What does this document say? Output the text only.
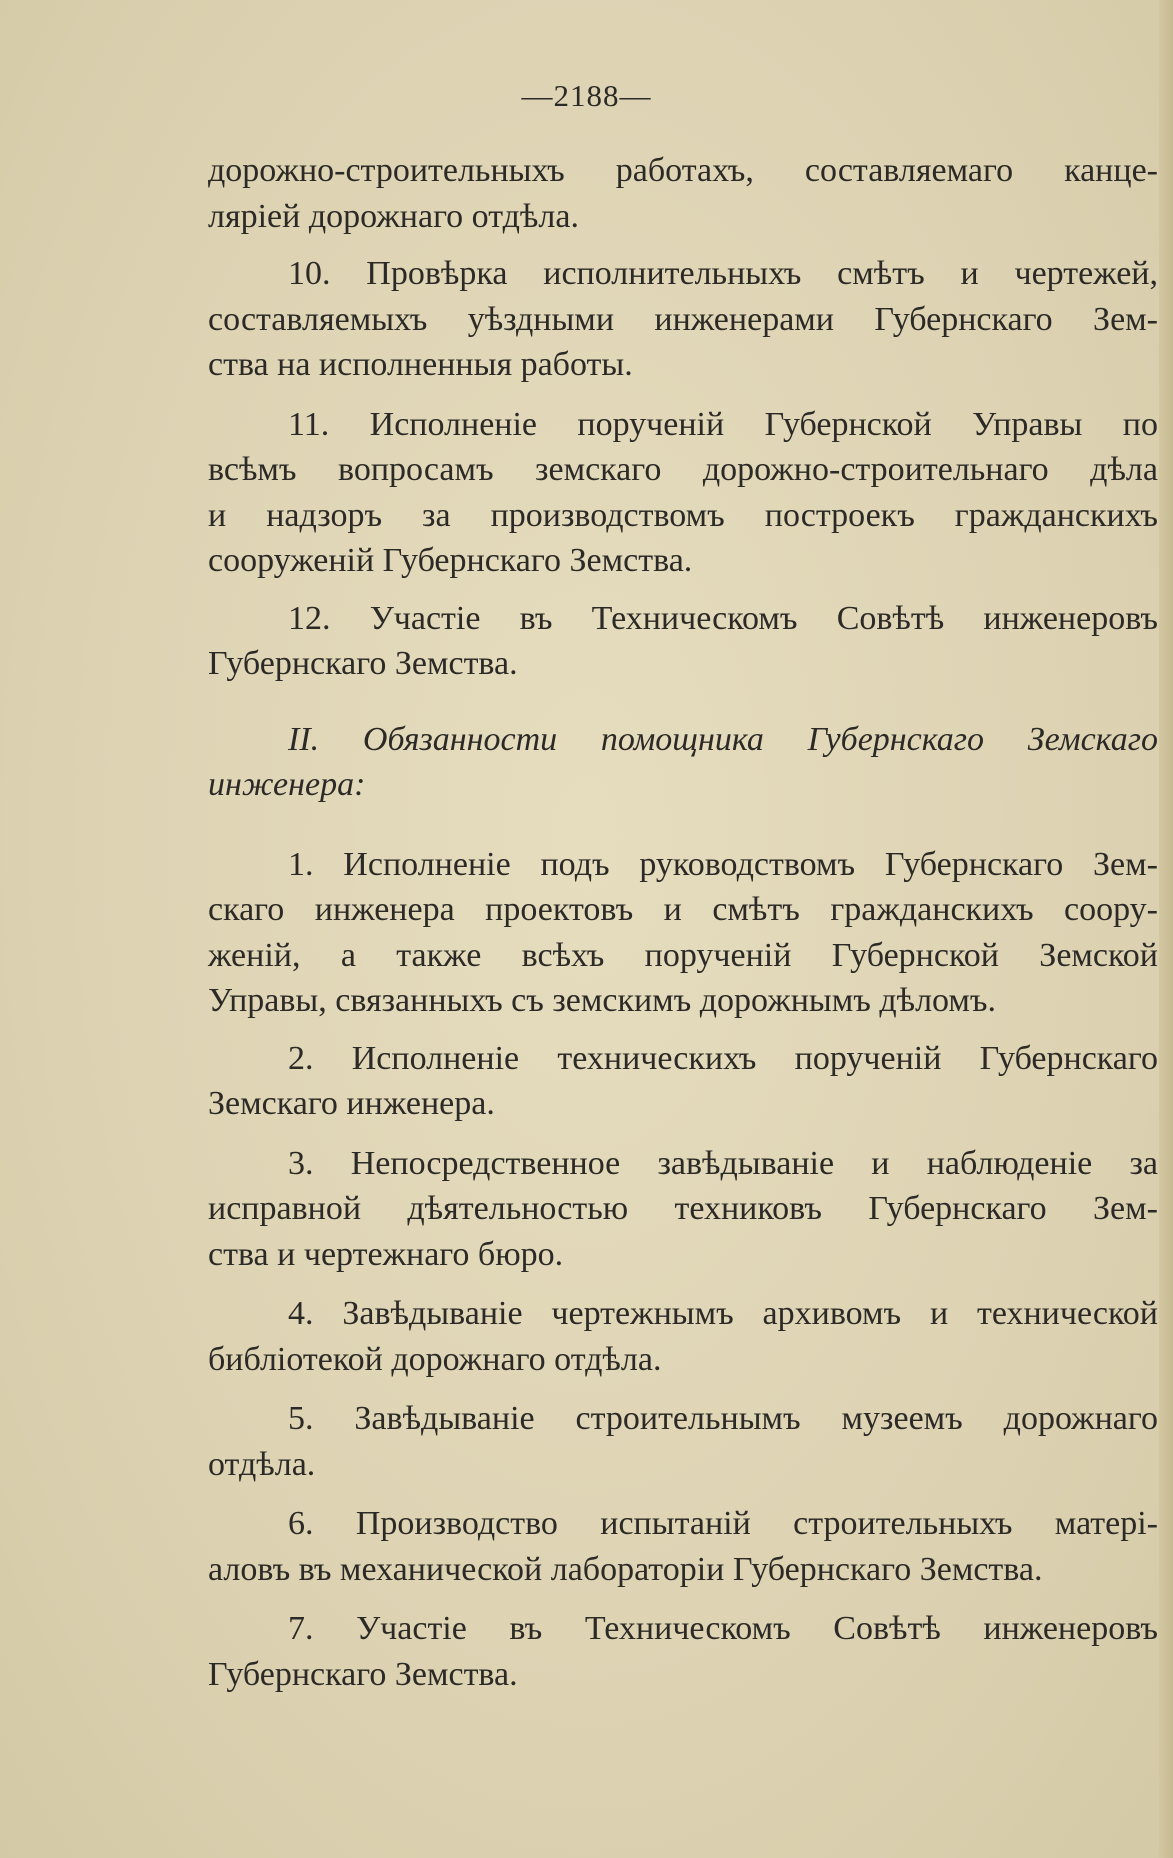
—2188—

дорожно-строительныхъ работахъ, составляемаго канце-
ляріей дорожнаго отдѣла.

10. Провѣрка исполнительныхъ смѣтъ и чертежей,
составляемыхъ уѣздными инженерами Губернскаго Зем-
ства на исполненныя работы.

11. Исполненіе порученій Губернской Управы по
всѣмъ вопросамъ земскаго дорожно-строительнаго дѣла
и надзоръ за производствомъ построекъ гражданскихъ
сооруженій Губернскаго Земства.

12. Участіе въ Техническомъ Совѣтѣ инженеровъ
Губернскаго Земства.

II. Обязанности помощника Губернскаго Земскаго
инженера:

1. Исполненіе подъ руководствомъ Губернскаго Зем-
скаго инженера проектовъ и смѣтъ гражданскихъ соору-
женій, а также всѣхъ порученій Губернской Земской
Управы, связанныхъ съ земскимъ дорожнымъ дѣломъ.

2. Исполненіе техническихъ порученій Губернскаго
Земскаго инженера.

3. Непосредственное завѣдываніе и наблюденіе за
исправной дѣятельностью техниковъ Губернскаго Зем-
ства и чертежнаго бюро.

4. Завѣдываніе чертежнымъ архивомъ и технической
библіотекой дорожнаго отдѣла.

5. Завѣдываніе строительнымъ музеемъ дорожнаго
отдѣла.

6. Производство испытаній строительныхъ матері-
аловъ въ механической лабораторіи Губернскаго Земства.

7. Участіе въ Техническомъ Совѣтѣ инженеровъ
Губернскаго Земства.
